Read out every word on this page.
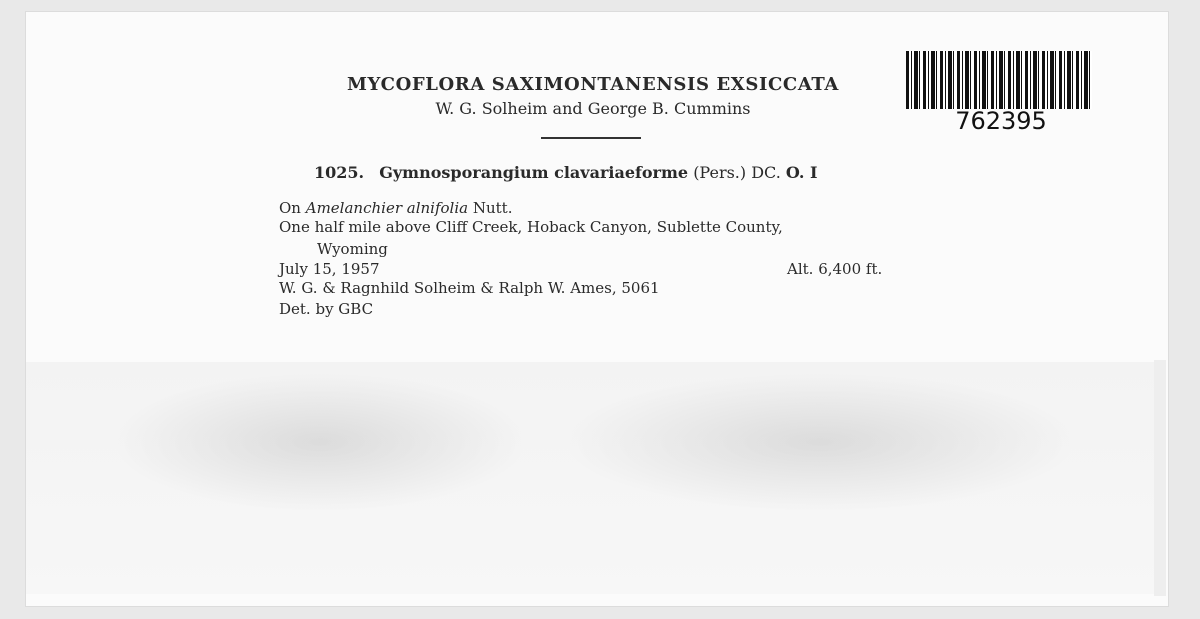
762395
MYCOFLORA SAXIMONTANENSIS EXSICCATA
W. G. Solheim and George B. Cummins
1025. Gymnosporangium clavariaeforme (Pers.) DC. O. I
On Amelanchier alnifolia Nutt.
One half mile above Cliff Creek, Hoback Canyon, Sublette County,
Wyoming
July 15, 1957	Alt. 6,400 ft.
W. G. & Ragnhild Solheim & Ralph W. Ames, 5061
Det. by GBC
